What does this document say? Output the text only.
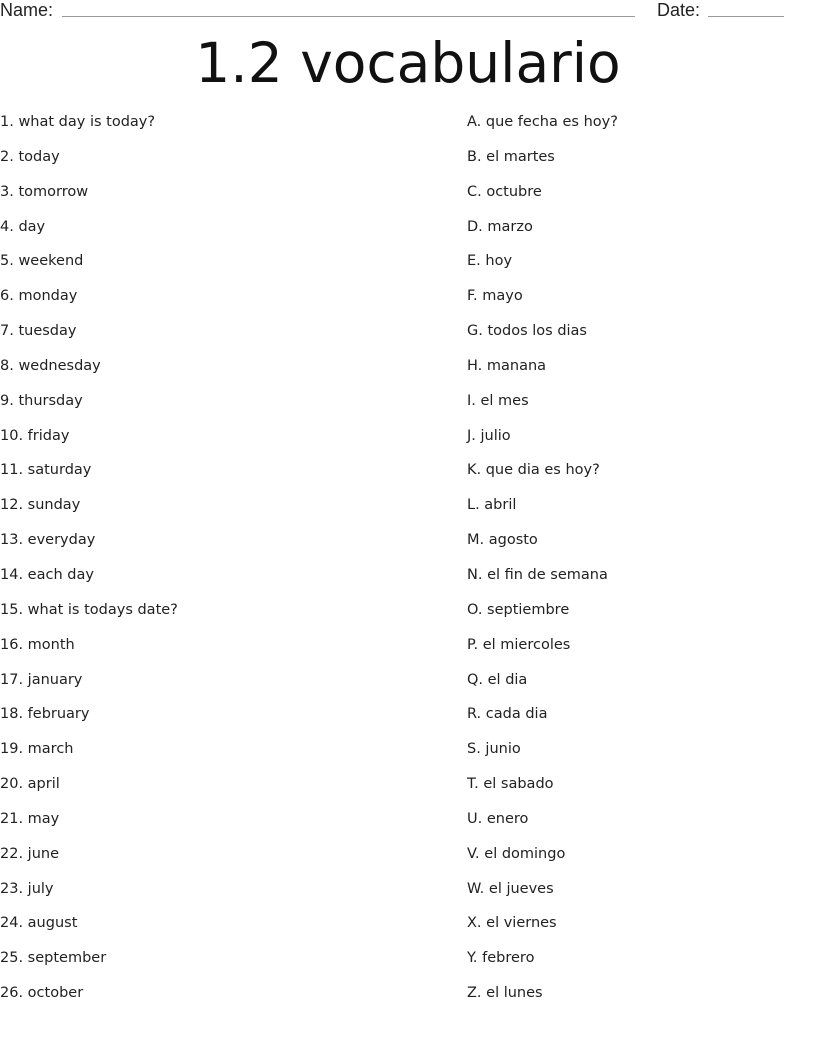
Name:	Date:
1.2 vocabulario
1. what day is today?
2. today
3. tomorrow
4. day
5. weekend
6. monday
7. tuesday
8. wednesday
9. thursday
10. friday
11. saturday
12. sunday
13. everyday
14. each day
15. what is todays date?
16. month
17. january
18. february
19. march
20. april
21. may
22. june
23. july
24. august
25. september
26. october
A. que fecha es hoy?
B. el martes
C. octubre
D. marzo
E. hoy
F. mayo
G. todos los dias
H. manana
I. el mes
J. julio
K. que dia es hoy?
L. abril
M. agosto
N. el fin de semana
O. septiembre
P. el miercoles
Q. el dia
R. cada dia
S. junio
T. el sabado
U. enero
V. el domingo
W. el jueves
X. el viernes
Y. febrero
Z. el lunes
